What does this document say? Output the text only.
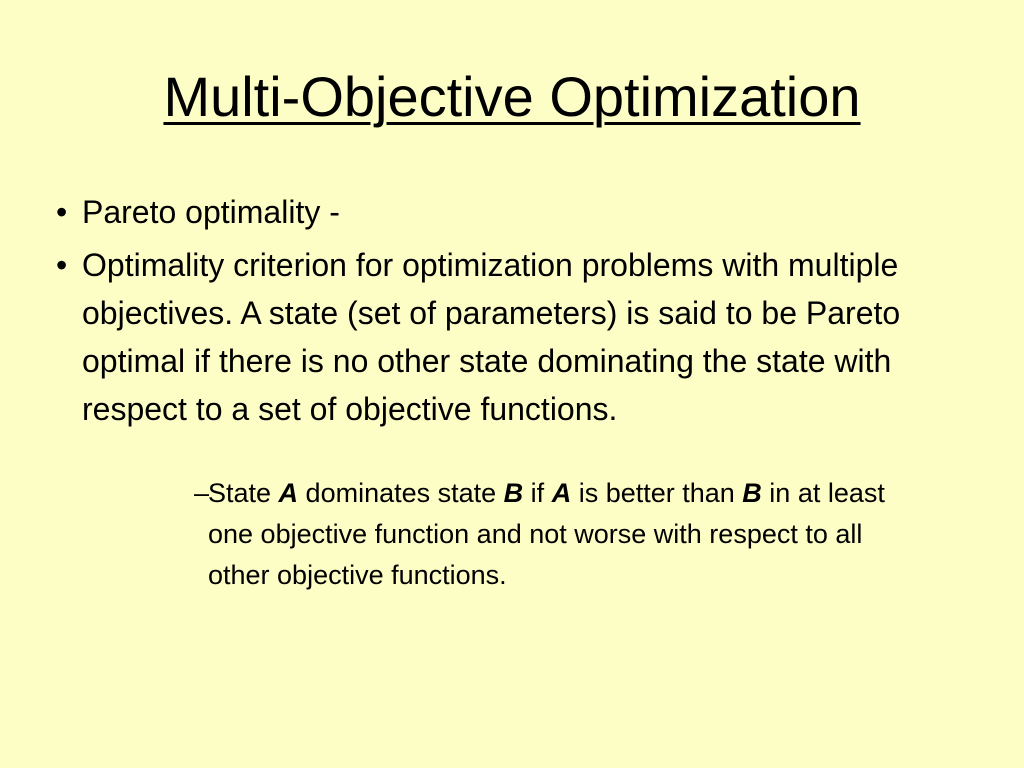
Multi-Objective Optimization
• Pareto optimality -
• Optimality criterion for optimization problems with multiple objectives. A state (set of parameters) is said to be Pareto optimal if there is no other state dominating the state with respect to a set of objective functions.
–
State A dominates state B if A is better than B in at least one objective function and not worse with respect to all other objective functions.
